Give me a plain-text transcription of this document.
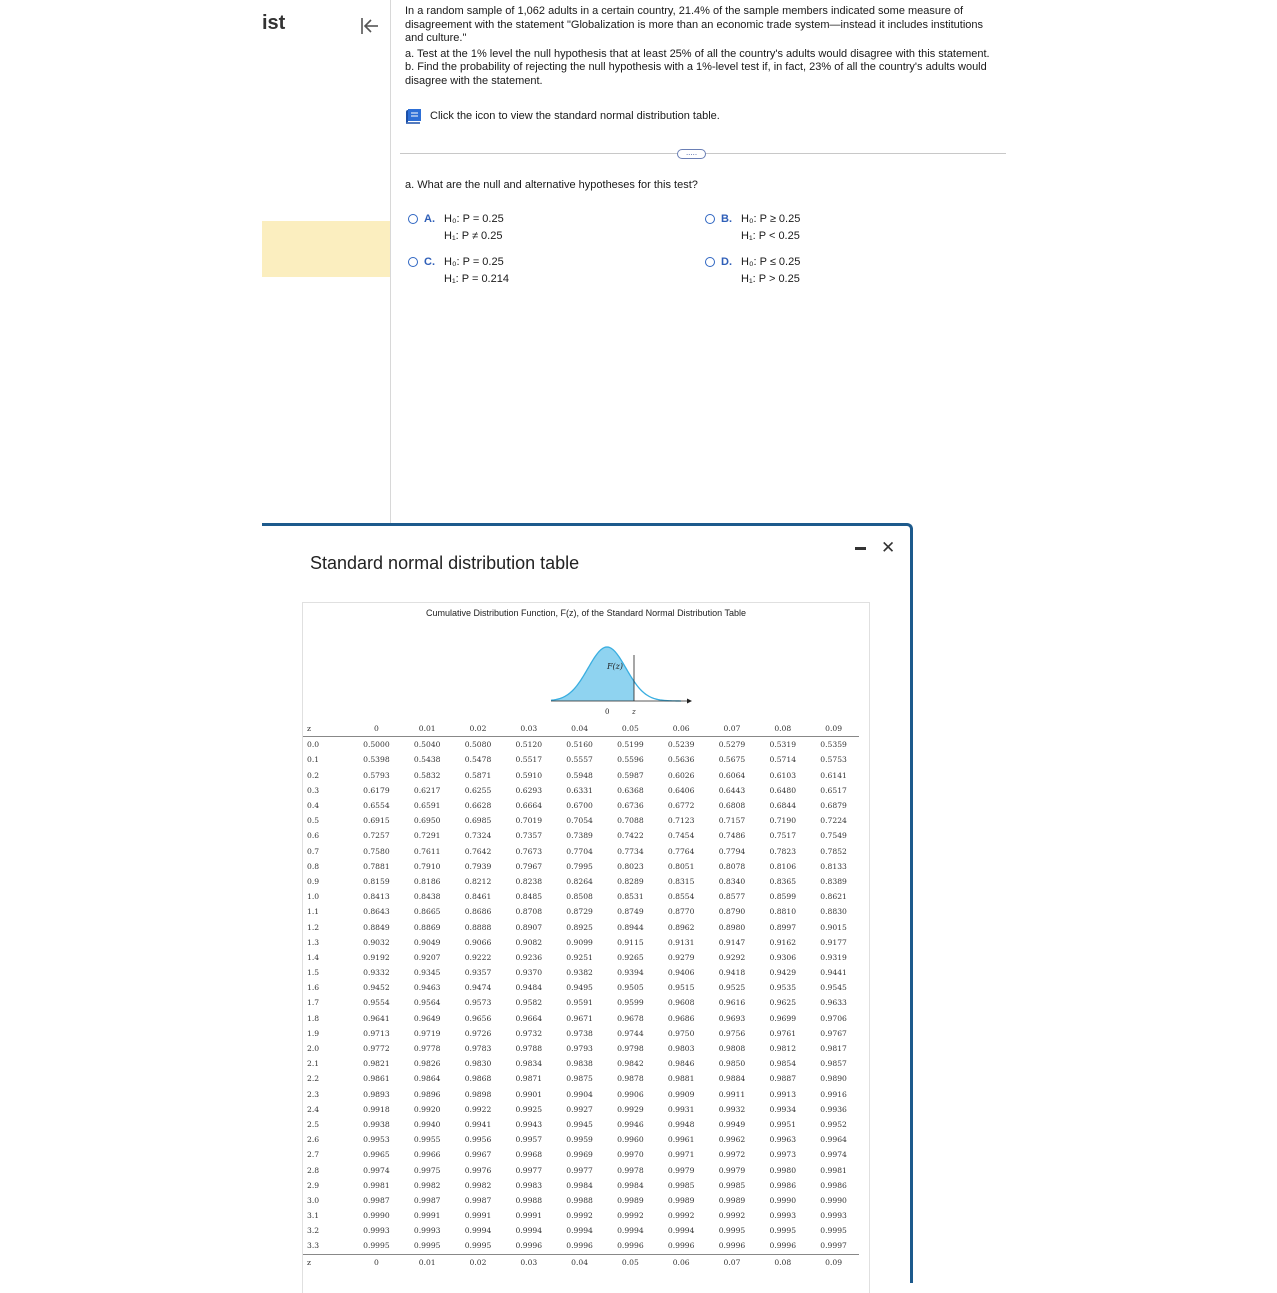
ist

In a random sample of 1,062 adults in a certain country, 21.4% of the sample members indicated some measure of disagreement with the statement "Globalization is more than an economic trade system—instead it includes institutions and culture."

a. Test at the 1% level the null hypothesis that at least 25% of all the country's adults would disagree with this statement.

b. Find the probability of rejecting the null hypothesis with a 1%-level test if, in fact, 23% of all the country's adults would disagree with the statement.

Click the icon to view the standard normal distribution table.
.....
a. What are the null and alternative hypotheses for this test?
A. H₀: P = 0.25
H₁: P ≠ 0.25
B. H₀: P ≥ 0.25
H₁: P < 0.25
C. H₀: P = 0.25
H₁: P = 0.214
D. H₀: P ≤ 0.25
H₁: P > 0.25
Standard normal distribution table
✕
Cumulative Distribution Function, F(z), of the Standard Normal Distribution Table
F(z)
0	z
z	0	0.01	0.02	0.03	0.04	0.05	0.06	0.07	0.08	0.09
0.0	0.5000	0.5040	0.5080	0.5120	0.5160	0.5199	0.5239	0.5279	0.5319	0.5359
0.1	0.5398	0.5438	0.5478	0.5517	0.5557	0.5596	0.5636	0.5675	0.5714	0.5753
0.2	0.5793	0.5832	0.5871	0.5910	0.5948	0.5987	0.6026	0.6064	0.6103	0.6141
0.3	0.6179	0.6217	0.6255	0.6293	0.6331	0.6368	0.6406	0.6443	0.6480	0.6517
0.4	0.6554	0.6591	0.6628	0.6664	0.6700	0.6736	0.6772	0.6808	0.6844	0.6879
0.5	0.6915	0.6950	0.6985	0.7019	0.7054	0.7088	0.7123	0.7157	0.7190	0.7224
0.6	0.7257	0.7291	0.7324	0.7357	0.7389	0.7422	0.7454	0.7486	0.7517	0.7549
0.7	0.7580	0.7611	0.7642	0.7673	0.7704	0.7734	0.7764	0.7794	0.7823	0.7852
0.8	0.7881	0.7910	0.7939	0.7967	0.7995	0.8023	0.8051	0.8078	0.8106	0.8133
0.9	0.8159	0.8186	0.8212	0.8238	0.8264	0.8289	0.8315	0.8340	0.8365	0.8389
1.0	0.8413	0.8438	0.8461	0.8485	0.8508	0.8531	0.8554	0.8577	0.8599	0.8621
1.1	0.8643	0.8665	0.8686	0.8708	0.8729	0.8749	0.8770	0.8790	0.8810	0.8830
1.2	0.8849	0.8869	0.8888	0.8907	0.8925	0.8944	0.8962	0.8980	0.8997	0.9015
1.3	0.9032	0.9049	0.9066	0.9082	0.9099	0.9115	0.9131	0.9147	0.9162	0.9177
1.4	0.9192	0.9207	0.9222	0.9236	0.9251	0.9265	0.9279	0.9292	0.9306	0.9319
1.5	0.9332	0.9345	0.9357	0.9370	0.9382	0.9394	0.9406	0.9418	0.9429	0.9441
1.6	0.9452	0.9463	0.9474	0.9484	0.9495	0.9505	0.9515	0.9525	0.9535	0.9545
1.7	0.9554	0.9564	0.9573	0.9582	0.9591	0.9599	0.9608	0.9616	0.9625	0.9633
1.8	0.9641	0.9649	0.9656	0.9664	0.9671	0.9678	0.9686	0.9693	0.9699	0.9706
1.9	0.9713	0.9719	0.9726	0.9732	0.9738	0.9744	0.9750	0.9756	0.9761	0.9767
2.0	0.9772	0.9778	0.9783	0.9788	0.9793	0.9798	0.9803	0.9808	0.9812	0.9817
2.1	0.9821	0.9826	0.9830	0.9834	0.9838	0.9842	0.9846	0.9850	0.9854	0.9857
2.2	0.9861	0.9864	0.9868	0.9871	0.9875	0.9878	0.9881	0.9884	0.9887	0.9890
2.3	0.9893	0.9896	0.9898	0.9901	0.9904	0.9906	0.9909	0.9911	0.9913	0.9916
2.4	0.9918	0.9920	0.9922	0.9925	0.9927	0.9929	0.9931	0.9932	0.9934	0.9936
2.5	0.9938	0.9940	0.9941	0.9943	0.9945	0.9946	0.9948	0.9949	0.9951	0.9952
2.6	0.9953	0.9955	0.9956	0.9957	0.9959	0.9960	0.9961	0.9962	0.9963	0.9964
2.7	0.9965	0.9966	0.9967	0.9968	0.9969	0.9970	0.9971	0.9972	0.9973	0.9974
2.8	0.9974	0.9975	0.9976	0.9977	0.9977	0.9978	0.9979	0.9979	0.9980	0.9981
2.9	0.9981	0.9982	0.9982	0.9983	0.9984	0.9984	0.9985	0.9985	0.9986	0.9986
3.0	0.9987	0.9987	0.9987	0.9988	0.9988	0.9989	0.9989	0.9989	0.9990	0.9990
3.1	0.9990	0.9991	0.9991	0.9991	0.9992	0.9992	0.9992	0.9992	0.9993	0.9993
3.2	0.9993	0.9993	0.9994	0.9994	0.9994	0.9994	0.9994	0.9995	0.9995	0.9995
3.3	0.9995	0.9995	0.9995	0.9996	0.9996	0.9996	0.9996	0.9996	0.9996	0.9997
z	0	0.01	0.02	0.03	0.04	0.05	0.06	0.07	0.08	0.09
